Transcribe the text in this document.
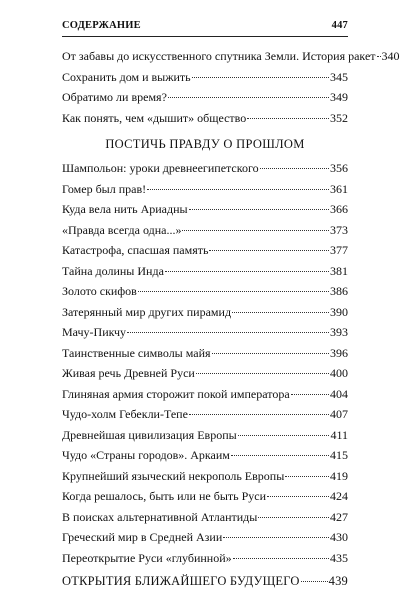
СОДЕРЖАНИЕ	447
От забавы до искусственного спутника Земли. История ракет 340
Сохранить дом и выжить	345
Обратимо ли время?	349
Как понять, чем «дышит» общество	352
ПОСТИЧЬ ПРАВДУ О ПРОШЛОМ
Шампольон: уроки древнеегипетского	356
Гомер был прав!	361
Куда вела нить Ариадны	366
«Правда всегда одна...»	373
Катастрофа, спасшая память	377
Тайна долины Инда	381
Золото скифов	386
Затерянный мир других пирамид	390
Мачу-Пикчу	393
Таинственные символы майя	396
Живая речь Древней Руси	400
Глиняная армия сторожит покой императора	404
Чудо-холм Гебекли-Тепе	407
Древнейшая цивилизация Европы	411
Чудо «Страны городов». Аркаим	415
Крупнейший языческий некрополь Европы	419
Когда решалось, быть или не быть Руси	424
В поисках альтернативной Атлантиды	427
Греческий мир в Средней Азии	430
Переоткрытие Руси «глубинной»	435
ОТКРЫТИЯ БЛИЖАЙШЕГО БУДУЩЕГО 439
